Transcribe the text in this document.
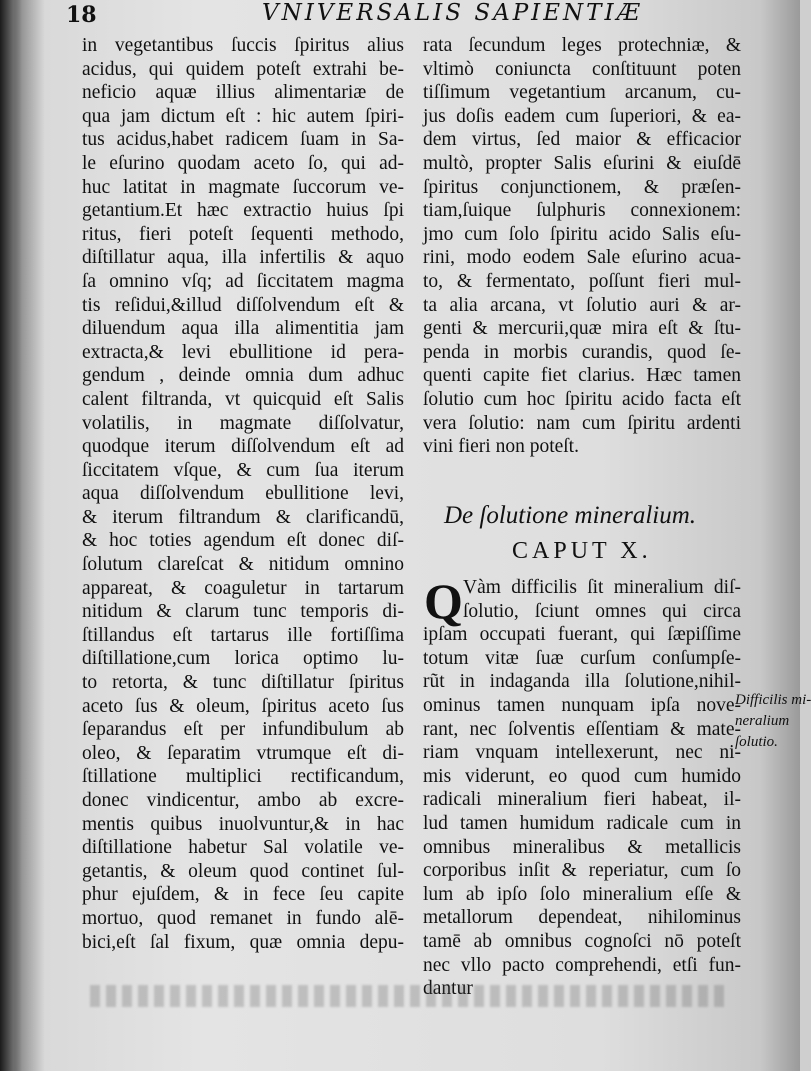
18	VNIVERSALIS SAPIENTIÆ
in vegetantibus ſuccis ſpiritus alius
acidus, qui quidem poteſt extrahi be-
neficio aquæ illius alimentariæ de
qua jam dictum eſt : hic autem ſpiri-
tus acidus,habet radicem ſuam in Sa-
le eſurino quodam aceto ſo, qui ad-
huc latitat in magmate ſuccorum ve-
getantium.Et hæc extractio huius ſpi
ritus, fieri poteſt ſequenti methodo,
diſtillatur aqua, illa infertilis & aquo
ſa omnino vſq; ad ſiccitatem magma
tis reſidui,&illud diſſolvendum eſt &
diluendum aqua illa alimentitia jam
extracta,& levi ebullitione id pera-
gendum , deinde omnia dum adhuc
calent filtranda, vt quicquid eſt Salis
volatilis, in magmate diſſolvatur,
quodque iterum diſſolvendum eſt ad
ſiccitatem vſque, & cum ſua iterum
aqua diſſolvendum ebullitione levi,
& iterum filtrandum & clarificandū,
& hoc toties agendum eſt donec diſ-
ſolutum clareſcat & nitidum omnino
appareat, & coaguletur in tartarum
nitidum & clarum tunc temporis di-
ſtillandus eſt tartarus ille fortiſſima
diſtillatione,cum lorica optimo lu-
to retorta, & tunc diſtillatur ſpiritus
aceto ſus & oleum, ſpiritus aceto ſus
ſeparandus eſt per infundibulum ab
oleo, & ſeparatim vtrumque eſt di-
ſtillatione multiplici rectificandum,
donec vindicentur, ambo ab excre-
mentis quibus inuolvuntur,& in hac
diſtillatione habetur Sal volatile ve-
getantis, & oleum quod continet ſul-
phur ejuſdem, & in fece ſeu capite
mortuo, quod remanet in fundo alē-
bici,eſt ſal fixum, quæ omnia depu-
rata ſecundum leges protechniæ, &
vltimò coniuncta conſtituunt poten
tiſſimum vegetantium arcanum, cu-
jus doſis eadem cum ſuperiori, & ea-
dem virtus, ſed maior & efficacior
multò, propter Salis eſurini & eiuſdē
ſpiritus conjunctionem, & præſen-
tiam,ſuique ſulphuris connexionem:
jmo cum ſolo ſpiritu acido Salis eſu-
rini, modo eodem Sale eſurino acua-
to, & fermentato, poſſunt fieri mul-
ta alia arcana, vt ſolutio auri & ar-
genti & mercurii,quæ mira eſt & ſtu-
penda in morbis curandis, quod ſe-
quenti capite fiet clarius. Hæc tamen
ſolutio cum hoc ſpiritu acido facta eſt
vera ſolutio: nam cum ſpiritu ardenti
vini fieri non poteſt.
De ſolutione mineralium.
CAPUT X.
Q Vàm difficilis ſit mineralium diſ-
ſolutio, ſciunt omnes qui circa
ipſam occupati fuerant, qui ſæpiſſime
totum vitæ ſuæ curſum conſumpſe-
rũt in indaganda illa ſolutione,nihil-
ominus tamen nunquam ipſa nove-
rant, nec ſolventis eſſentiam & mate-
riam vnquam intellexerunt, nec ni-
mis viderunt, eo quod cum humido
radicali mineralium fieri habeat, il-
lud tamen humidum radicale cum in
omnibus mineralibus & metallicis
corporibus inſit & reperiatur, cum ſo
lum ab ipſo ſolo mineralium eſſe &
metallorum dependeat, nihilominus
tamē ab omnibus cognoſci nō poteſt
nec vllo pacto comprehendi, etſi fun-
dantur
Difficilis mi-
neralium
ſolutio.
